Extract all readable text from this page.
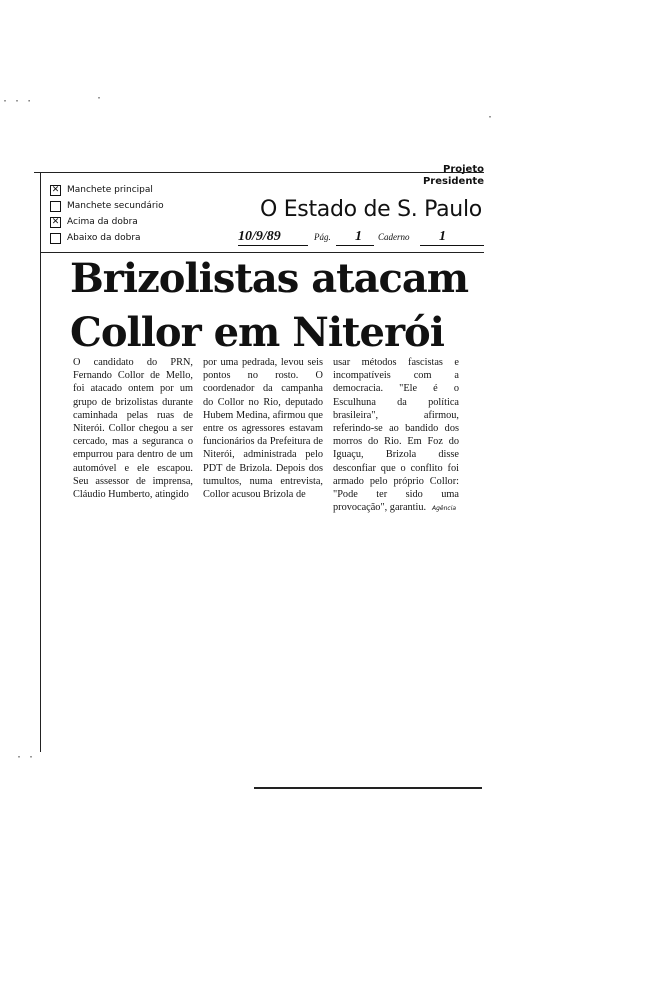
· · ·	·
·
· ·
Projeto
Presidente
✕
Manchete principal
Manchete secundário
✕
Acima da dobra
Abaixo da dobra
O Estado de S. Paulo
10/9/89	Pág. 1 Caderno 1
Brizolistas atacam
Collor em Niterói
O candidato do PRN, Fernando Collor de Mello, foi atacado ontem por um grupo de brizolistas durante caminhada pelas ruas de Niterói. Collor chegou a ser cercado, mas a seguranca o empurrou para dentro de um automóvel e ele escapou. Seu assessor de imprensa, Cláudio Humberto, atingido
por uma pedrada, levou seis pontos no rosto. O coordenador da campanha do Collor no Rio, deputado Hubem Medina, afirmou que entre os agressores estavam funcionários da Prefeitura de Niterói, administrada pelo PDT de Brizola. Depois dos tumultos, numa entrevista, Collor acusou Brizola de
usar métodos fascistas e incompatíveis com a democracia. "Ele é o Esculhuna da política brasileira", afirmou, referindo-se ao bandido dos morros do Rio. Em Foz do Iguaçu, Brizola disse desconfiar que o conflito foi armado pelo próprio Collor: "Pode ter sido uma provocação", garantiu. Agência
